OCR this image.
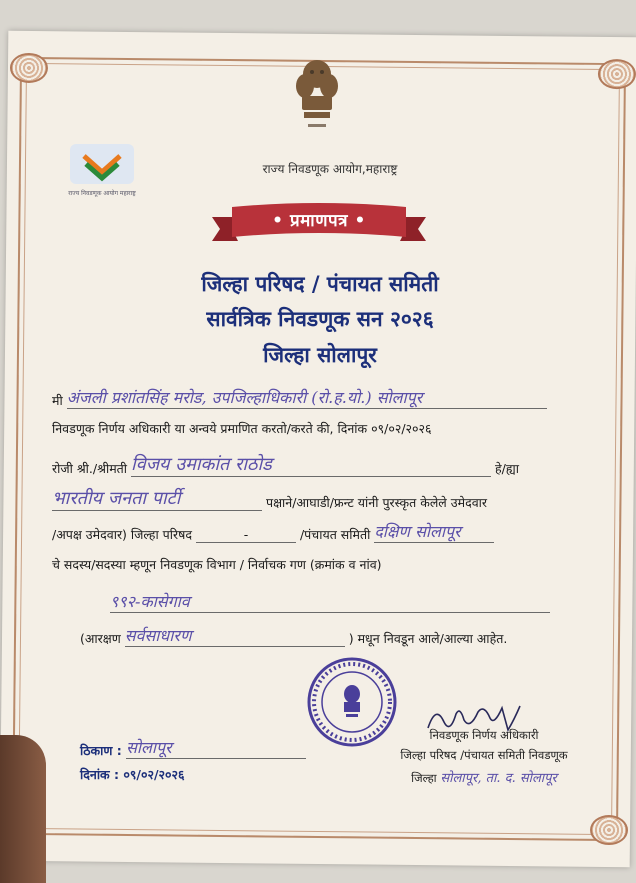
राज्य निवडणूक आयोग,महाराष्ट्र
राज्य निवडणूक आयोग महाराष्ट्र
• प्रमाणपत्र •
जिल्हा परिषद / पंचायत समिती
सार्वत्रिक निवडणूक सन २०२६
जिल्हा सोलापूर
मी अंजली प्रशांतसिंह मरोड, उपजिल्हाधिकारी (रो.ह.यो.) सोलापूर
निवडणूक निर्णय अधिकारी या अन्वये प्रमाणित करतो/करते की, दिनांक ०९/०२/२०२६
रोजी श्री./श्रीमती विजय उमाकांत राठोड	हे/ह्या
भारतीय जनता पार्टी	पक्षाने/आघाडी/फ्रन्ट यांनी पुरस्कृत केलेले उमेदवार
/अपक्ष उमेदवार) जिल्हा परिषद	-	/पंचायत समिती दक्षिण सोलापूर
चे सदस्य/सदस्या म्हणून निवडणूक विभाग / निर्वाचक गण (क्रमांक व नांव)
९९२-कासेगाव
(आरक्षण सर्वसाधारण	) मधून निवडून आले/आल्या आहेत.
निवडणूक निर्णय अधिकारी
जिल्हा परिषद /पंचायत समिती निवडणूक
जिल्हा सोलापूर, ता. द. सोलापूर
ठिकाण : सोलापूर
दिनांक : ०९/०२/२०२६
